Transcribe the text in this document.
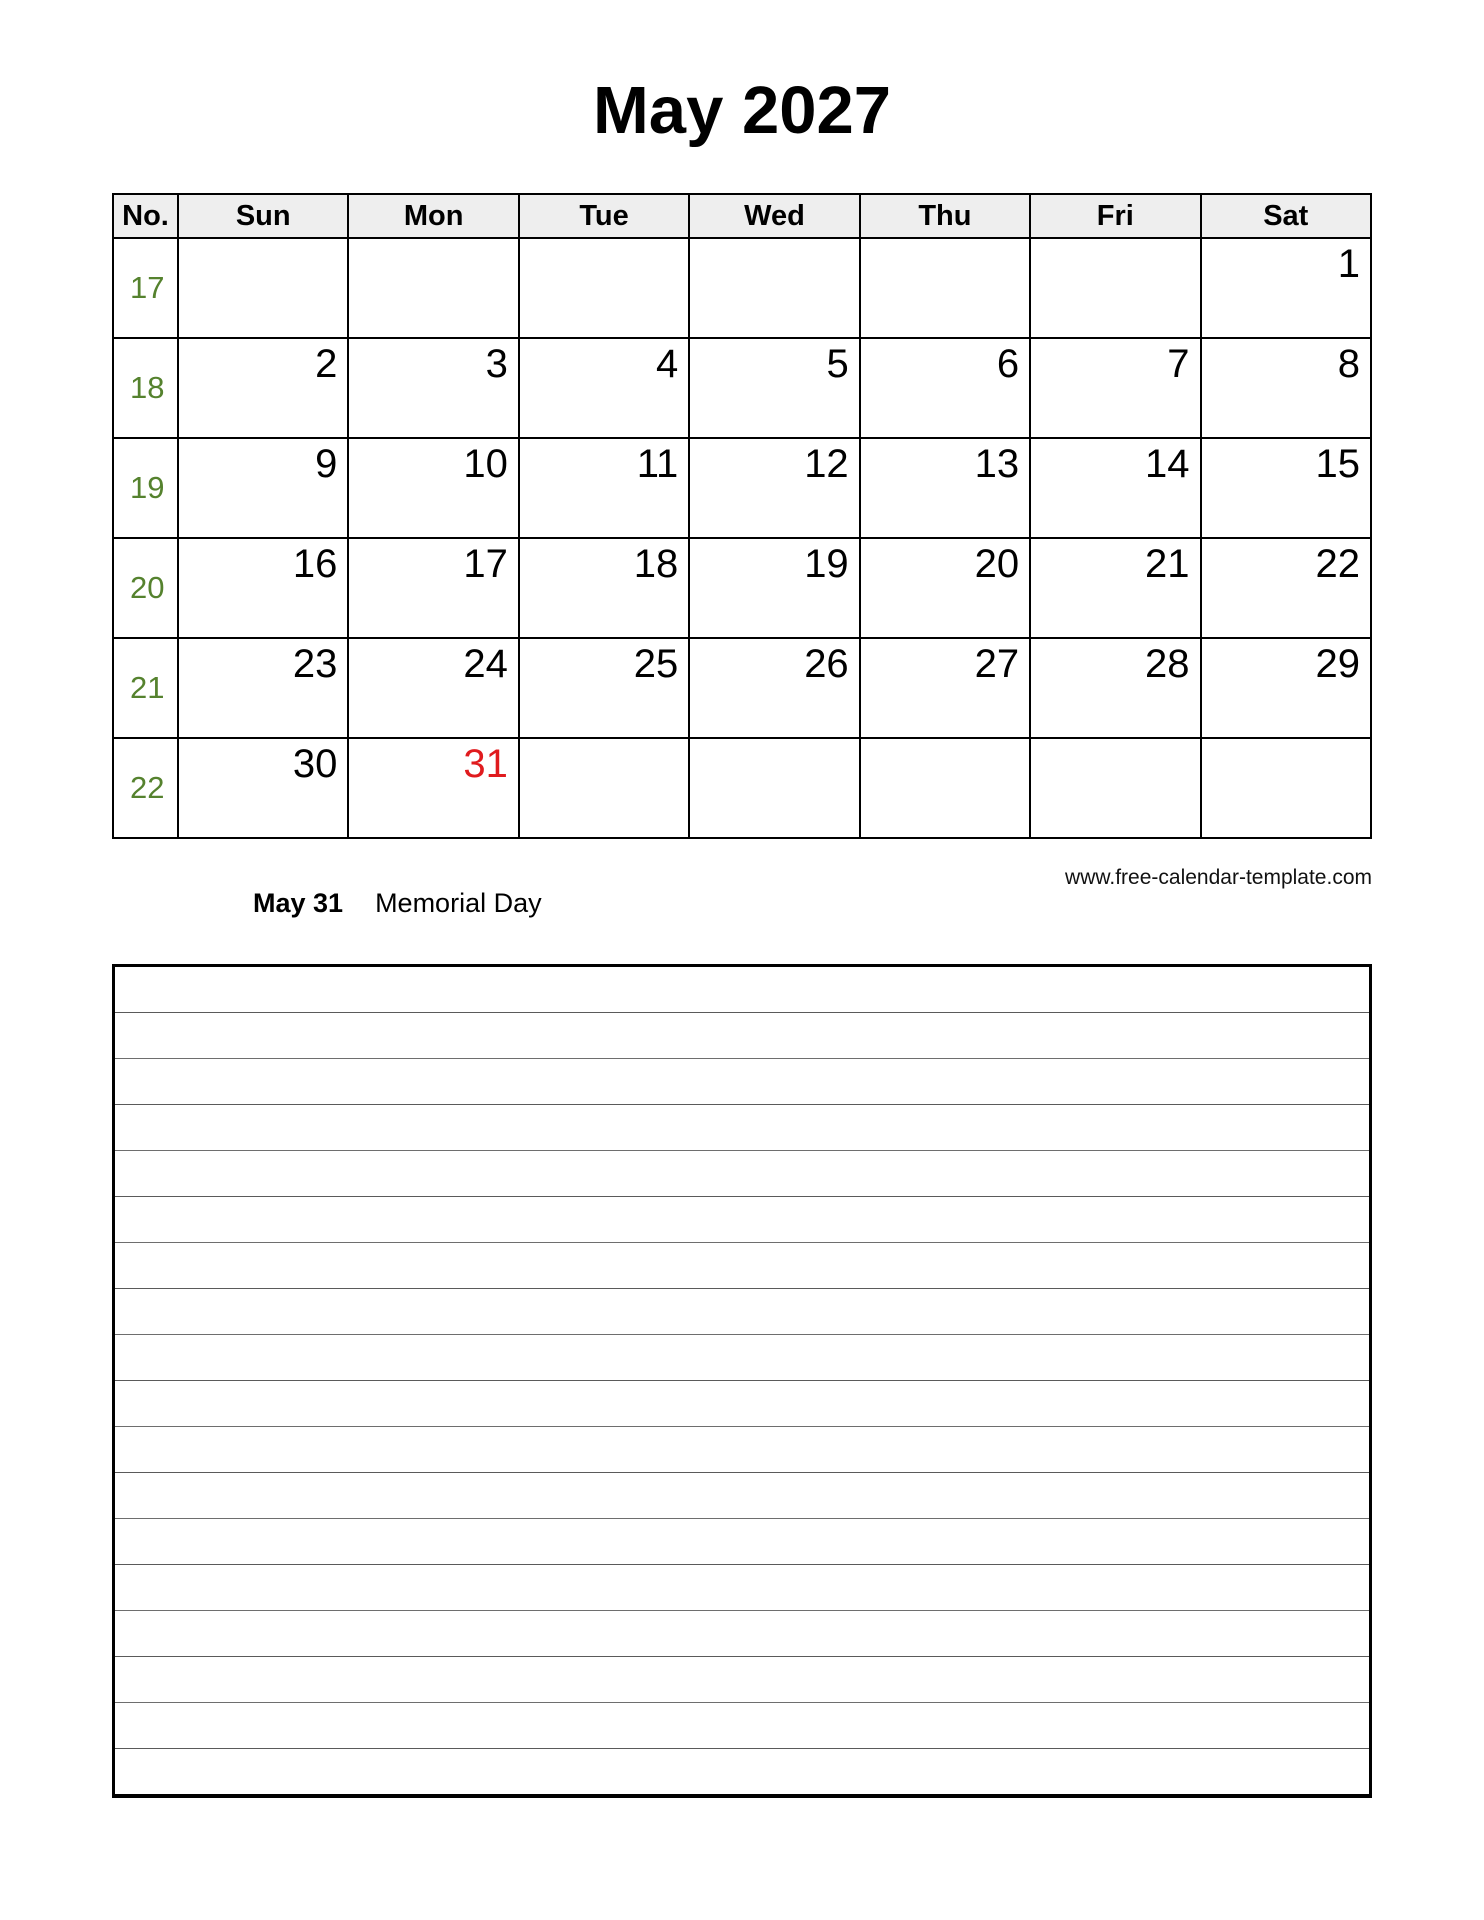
May 2027
No.	Sun	Mon	Tue	Wed	Thu	Fri	Sat
17							1
18	2	3	4	5	6	7	8
19	9	10	11	12	13	14	15
20	16	17	18	19	20	21	22
21	23	24	25	26	27	28	29
22	30	31					
www.free-calendar-template.com
May 31 Memorial Day
